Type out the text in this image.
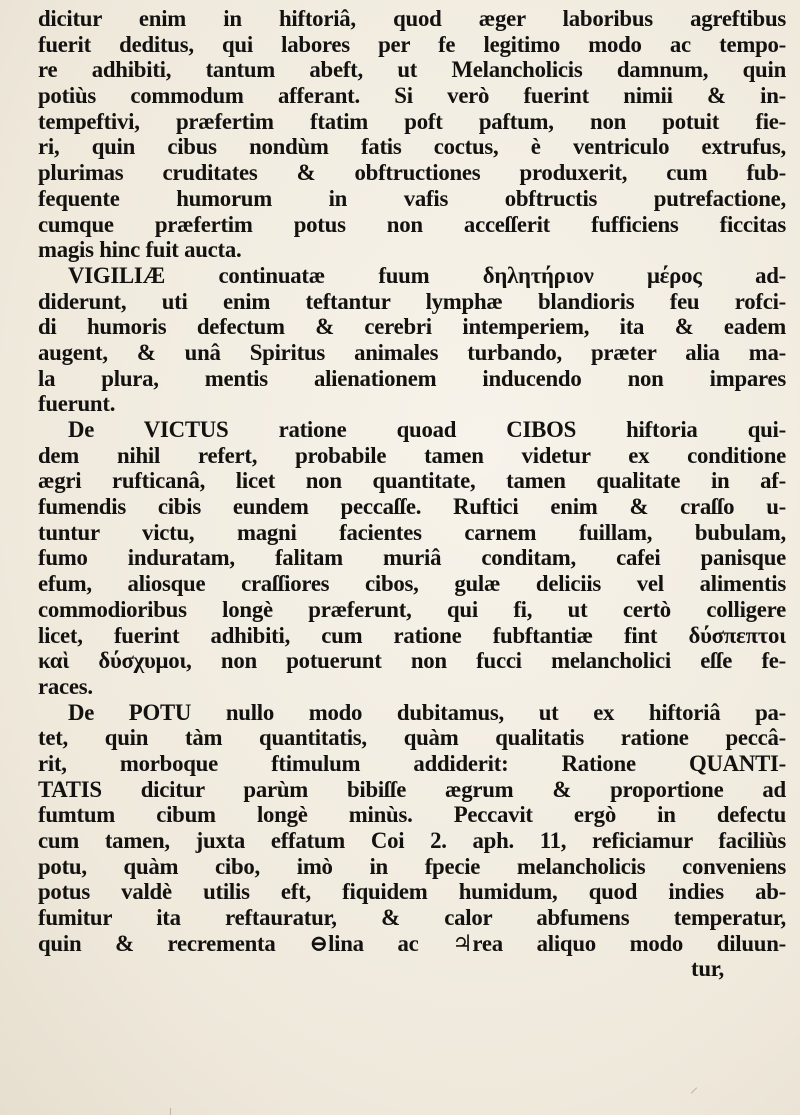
dicitur enim in hiftoriâ, quod æger laboribus agreftibus
fuerit deditus, qui labores per fe legitimo modo ac tempo-
re adhibiti, tantum abeft, ut Melancholicis damnum, quin
potiùs commodum afferant. Si verò fuerint nimii & in-
tempeftivi, præfertim ftatim poft paftum, non potuit fie-
ri, quin cibus nondùm fatis coctus, è ventriculo extrufus,
plurimas cruditates & obftructiones produxerit, cum fub-
fequente humorum in vafis obftructis putrefactione,
cumque præfertim potus non acceſſerit fufficiens ficcitas
magis hinc fuit aucta.
VIGILIÆ continuatæ fuum δηλητήριον μέρος ad-
diderunt, uti enim teftantur lymphæ blandioris feu rofci-
di humoris defectum & cerebri intemperiem, ita & eadem
augent, & unâ Spiritus animales turbando, præter alia ma-
la plura, mentis alienationem inducendo non impares
fuerunt.
De VICTUS ratione quoad CIBOS hiftoria qui-
dem nihil refert, probabile tamen videtur ex conditione
ægri rufticanâ, licet non quantitate, tamen qualitate in af-
fumendis cibis eundem peccaſſe. Ruftici enim & craſſo u-
tuntur victu, magni facientes carnem fuillam, bubulam,
fumo induratam, falitam muriâ conditam, cafei panisque
efum, aliosque craſſiores cibos, gulæ deliciis vel alimentis
commodioribus longè præferunt, qui fi, ut certò colligere
licet, fuerint adhibiti, cum ratione fubftantiæ fint δύσπεπτοι
καὶ δύσχυμοι, non potuerunt non fucci melancholici eſſe fe-
races.
De POTU nullo modo dubitamus, ut ex hiftoriâ pa-
tet, quin tàm quantitatis, quàm qualitatis ratione peccâ-
rit, morboque ftimulum addiderit: Ratione QUANTI-
TATIS dicitur parùm bibiſſe ægrum & proportione ad
fumtum cibum longè minùs. Peccavit ergò in defectu
cum tamen, juxta effatum Coi 2. aph. 11, reficiamur faciliùs
potu, quàm cibo, imò in fpecie melancholicis conveniens
potus valdè utilis eft, fiquidem humidum, quod indies ab-
fumitur ita reftauratur, & calor abfumens temperatur,
quin & recrementa ⊖lina ac ♃rea aliquo modo diluun-
tur,
